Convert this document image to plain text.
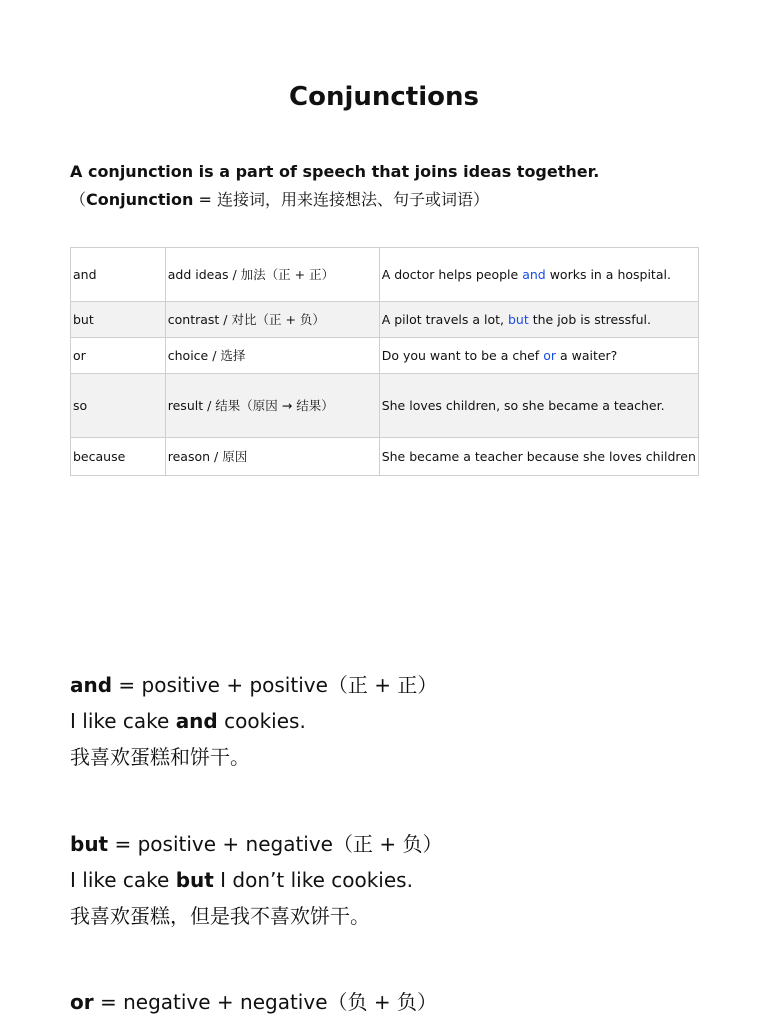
Conjunctions
A conjunction is a part of speech that joins ideas together.
（Conjunction = 连接词，用来连接想法、句子或词语）
and	add ideas / 加法（正 + 正）	A doctor helps people and works in a hospital.
but	contrast / 对比（正 + 负）	A pilot travels a lot, but the job is stressful.
or	choice / 选择	Do you want to be a chef or a waiter?
so	result / 结果（原因 → 结果）	She loves children, so she became a teacher.
because	reason / 原因	She became a teacher because she loves children
and = positive + positive（正 + 正）
I like cake and cookies.
我喜欢蛋糕和饼干。
but = positive + negative（正 + 负）
I like cake but I don’t like cookies.
我喜欢蛋糕，但是我不喜欢饼干。
or = negative + negative（负 + 负）
